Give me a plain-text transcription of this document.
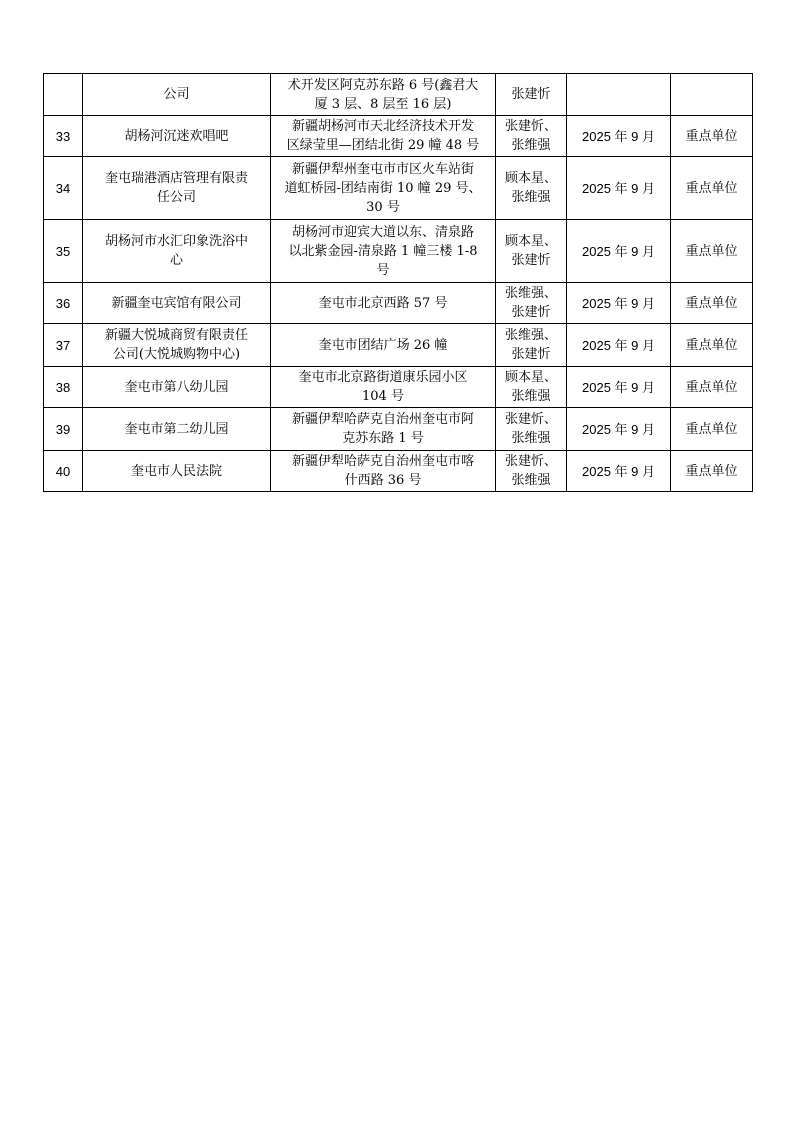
	公司	术开发区阿克苏东路 6 号(鑫君大
厦 3 层、8 层至 16 层)	张建忻		

33	胡杨河沉迷欢唱吧	新疆胡杨河市天北经济技术开发
区绿莹里—团结北街 29 幢 48 号	张建忻、
张维强	2025 年 9 月	重点单位
34	奎屯瑞港酒店管理有限责
任公司	新疆伊犁州奎屯市市区火车站街
道虹桥园-团结南街 10 幢 29 号、
30 号	顾本星、
张维强	2025 年 9 月	重点单位
35	胡杨河市水汇印象洗浴中
心	胡杨河市迎宾大道以东、清泉路
以北紫金园-清泉路 1 幢三楼 1-8
号	顾本星、
张建忻	2025 年 9 月	重点单位
36	新疆奎屯宾馆有限公司	奎屯市北京西路 57 号	张维强、
张建忻	2025 年 9 月	重点单位
37	新疆大悦城商贸有限责任
公司(大悦城购物中心)	奎屯市团结广场 26 幢	张维强、
张建忻	2025 年 9 月	重点单位
38	奎屯市第八幼儿园	奎屯市北京路街道康乐园小区
104 号	顾本星、
张维强	2025 年 9 月	重点单位
39	奎屯市第二幼儿园	新疆伊犁哈萨克自治州奎屯市阿
克苏东路 1 号	张建忻、
张维强	2025 年 9 月	重点单位
40	奎屯市人民法院	新疆伊犁哈萨克自治州奎屯市喀
什西路 36 号	张建忻、
张维强	2025 年 9 月	重点单位
